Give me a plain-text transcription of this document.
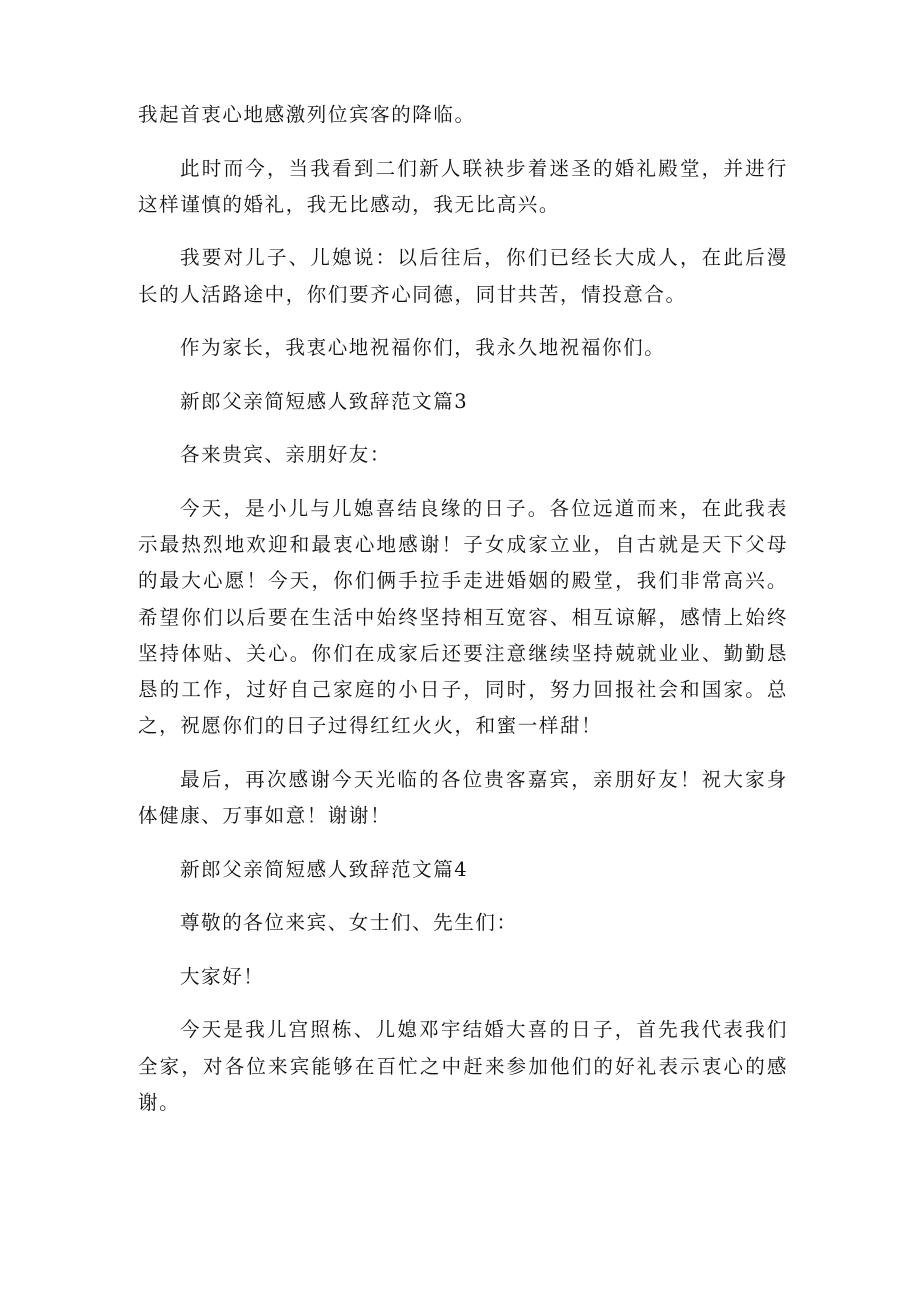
我起首衷心地感激列位宾客的降临。

此时而今，当我看到二们新人联袂步着迷圣的婚礼殿堂，并进行这样谨慎的婚礼，我无比感动，我无比高兴。

我要对儿子、儿媳说：以后往后，你们已经长大成人，在此后漫长的人活路途中，你们要齐心同德，同甘共苦，情投意合。

作为家长，我衷心地祝福你们，我永久地祝福你们。

新郎父亲简短感人致辞范文篇3

各来贵宾、亲朋好友：

今天，是小儿与儿媳喜结良缘的日子。各位远道而来，在此我表示最热烈地欢迎和最衷心地感谢！子女成家立业，自古就是天下父母的最大心愿！今天，你们俩手拉手走进婚姻的殿堂，我们非常高兴。希望你们以后要在生活中始终坚持相互宽容、相互谅解，感情上始终坚持体贴、关心。你们在成家后还要注意继续坚持兢就业业、勤勤恳恳的工作，过好自己家庭的小日子，同时，努力回报社会和国家。总之，祝愿你们的日子过得红红火火，和蜜一样甜！

最后，再次感谢今天光临的各位贵客嘉宾，亲朋好友！祝大家身体健康、万事如意！谢谢！

新郎父亲简短感人致辞范文篇4

尊敬的各位来宾、女士们、先生们：

大家好！

今天是我儿宫照栋、儿媳邓宇结婚大喜的日子，首先我代表我们全家，对各位来宾能够在百忙之中赶来参加他们的好礼表示衷心的感谢。
